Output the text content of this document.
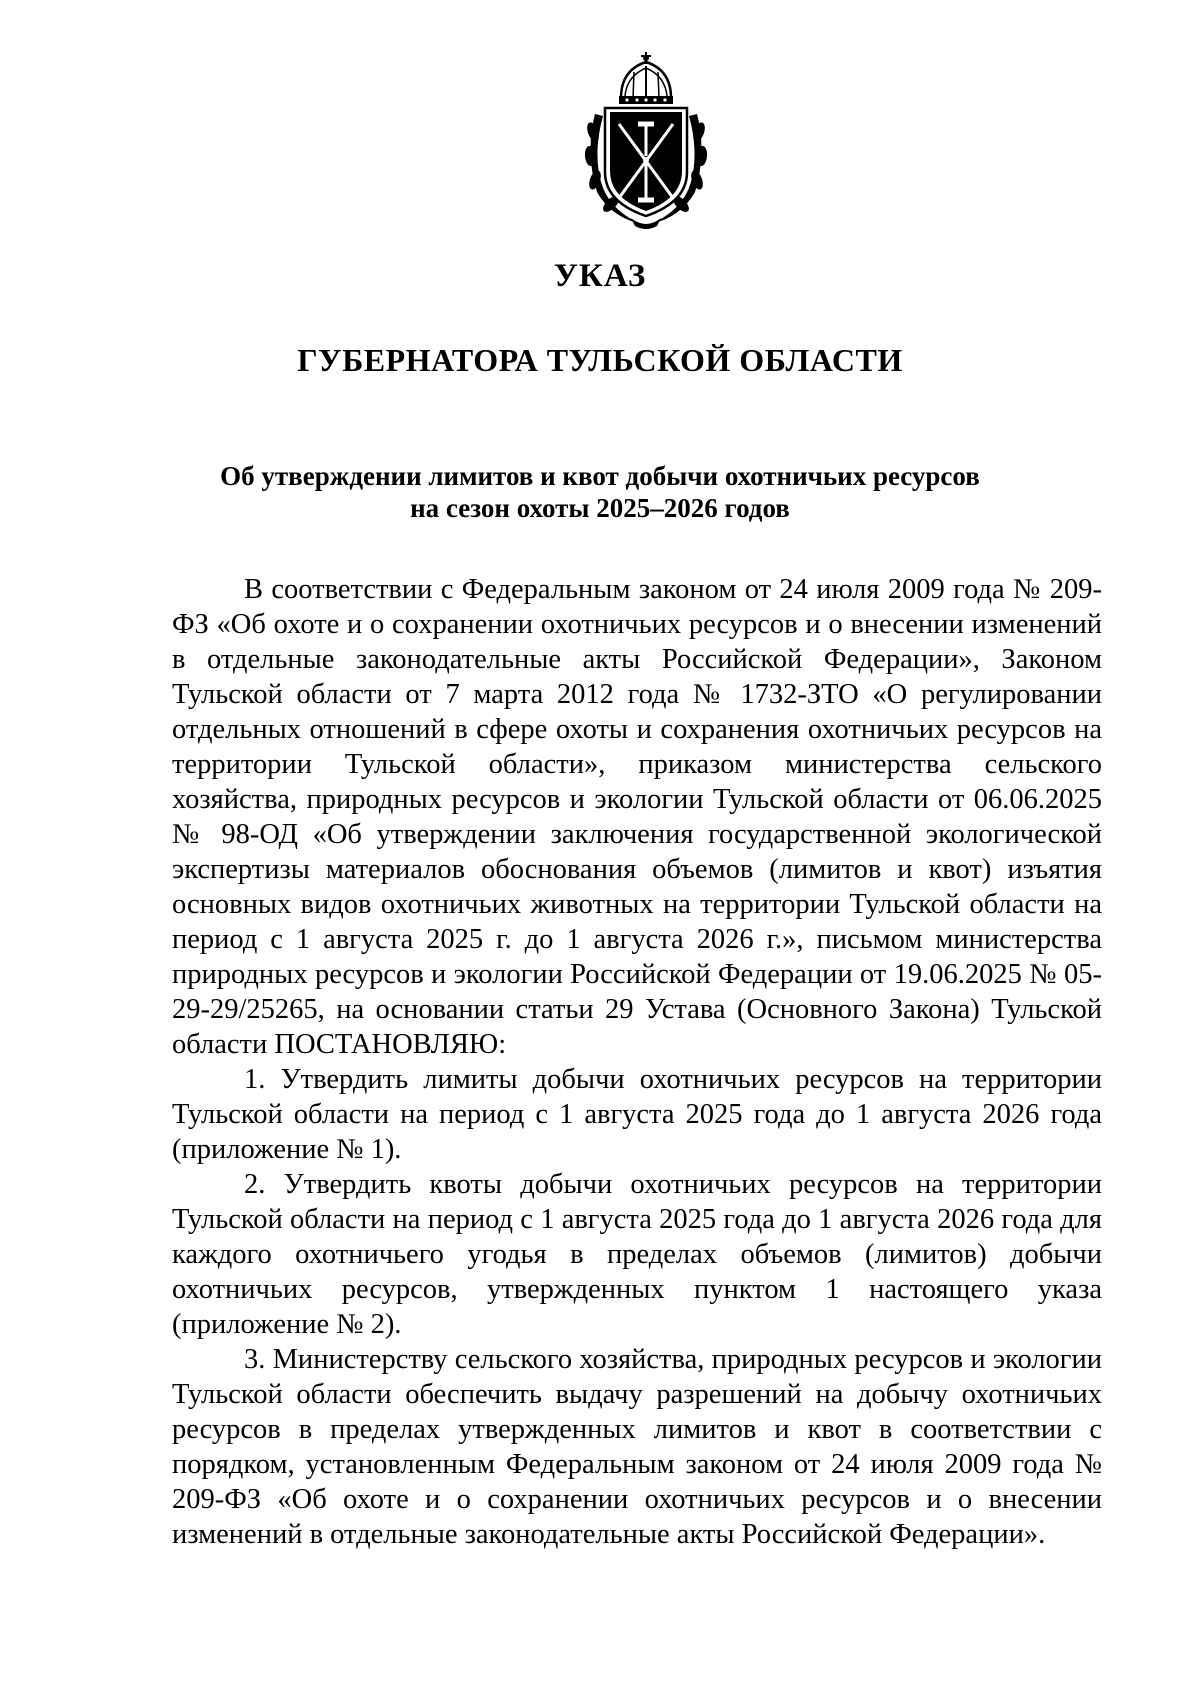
УКАЗ
ГУБЕРНАТОРА ТУЛЬСКОЙ ОБЛАСТИ
Об утверждении лимитов и квот добычи охотничьих ресурсов
на сезон охоты 2025–2026 годов

В соответствии с Федеральным законом от 24 июля 2009 года № 209-ФЗ «Об охоте и о сохранении охотничьих ресурсов и о внесении изменений в отдельные законодательные акты Российской Федерации», Законом Тульской области от 7 марта 2012 года № 1732-ЗТО «О регулировании отдельных отношений в сфере охоты и сохранения охотничьих ресурсов на территории Тульской области», приказом министерства сельского хозяйства, природных ресурсов и экологии Тульской области от 06.06.2025 № 98-ОД «Об утверждении заключения государственной экологической экспертизы материалов обоснования объемов (лимитов и квот) изъятия основных видов охотничьих животных на территории Тульской области на период с 1 августа 2025 г. до 1 августа 2026 г.», письмом министерства природных ресурсов и экологии Российской Федерации от 19.06.2025 № 05-29-29/25265, на основании статьи 29 Устава (Основного Закона) Тульской области ПОСТАНОВЛЯЮ:

1. Утвердить лимиты добычи охотничьих ресурсов на территории Тульской области на период с 1 августа 2025 года до 1 августа 2026 года (приложение № 1).

2. Утвердить квоты добычи охотничьих ресурсов на территории Тульской области на период с 1 августа 2025 года до 1 августа 2026 года для каждого охотничьего угодья в пределах объемов (лимитов) добычи охотничьих ресурсов, утвержденных пунктом 1 настоящего указа (приложение № 2).

3. Министерству сельского хозяйства, природных ресурсов и экологии Тульской области обеспечить выдачу разрешений на добычу охотничьих ресурсов в пределах утвержденных лимитов и квот в соответствии с порядком, установленным Федеральным законом от 24 июля 2009 года № 209-ФЗ «Об охоте и о сохранении охотничьих ресурсов и о внесении изменений в отдельные законодательные акты Российской Федерации».
